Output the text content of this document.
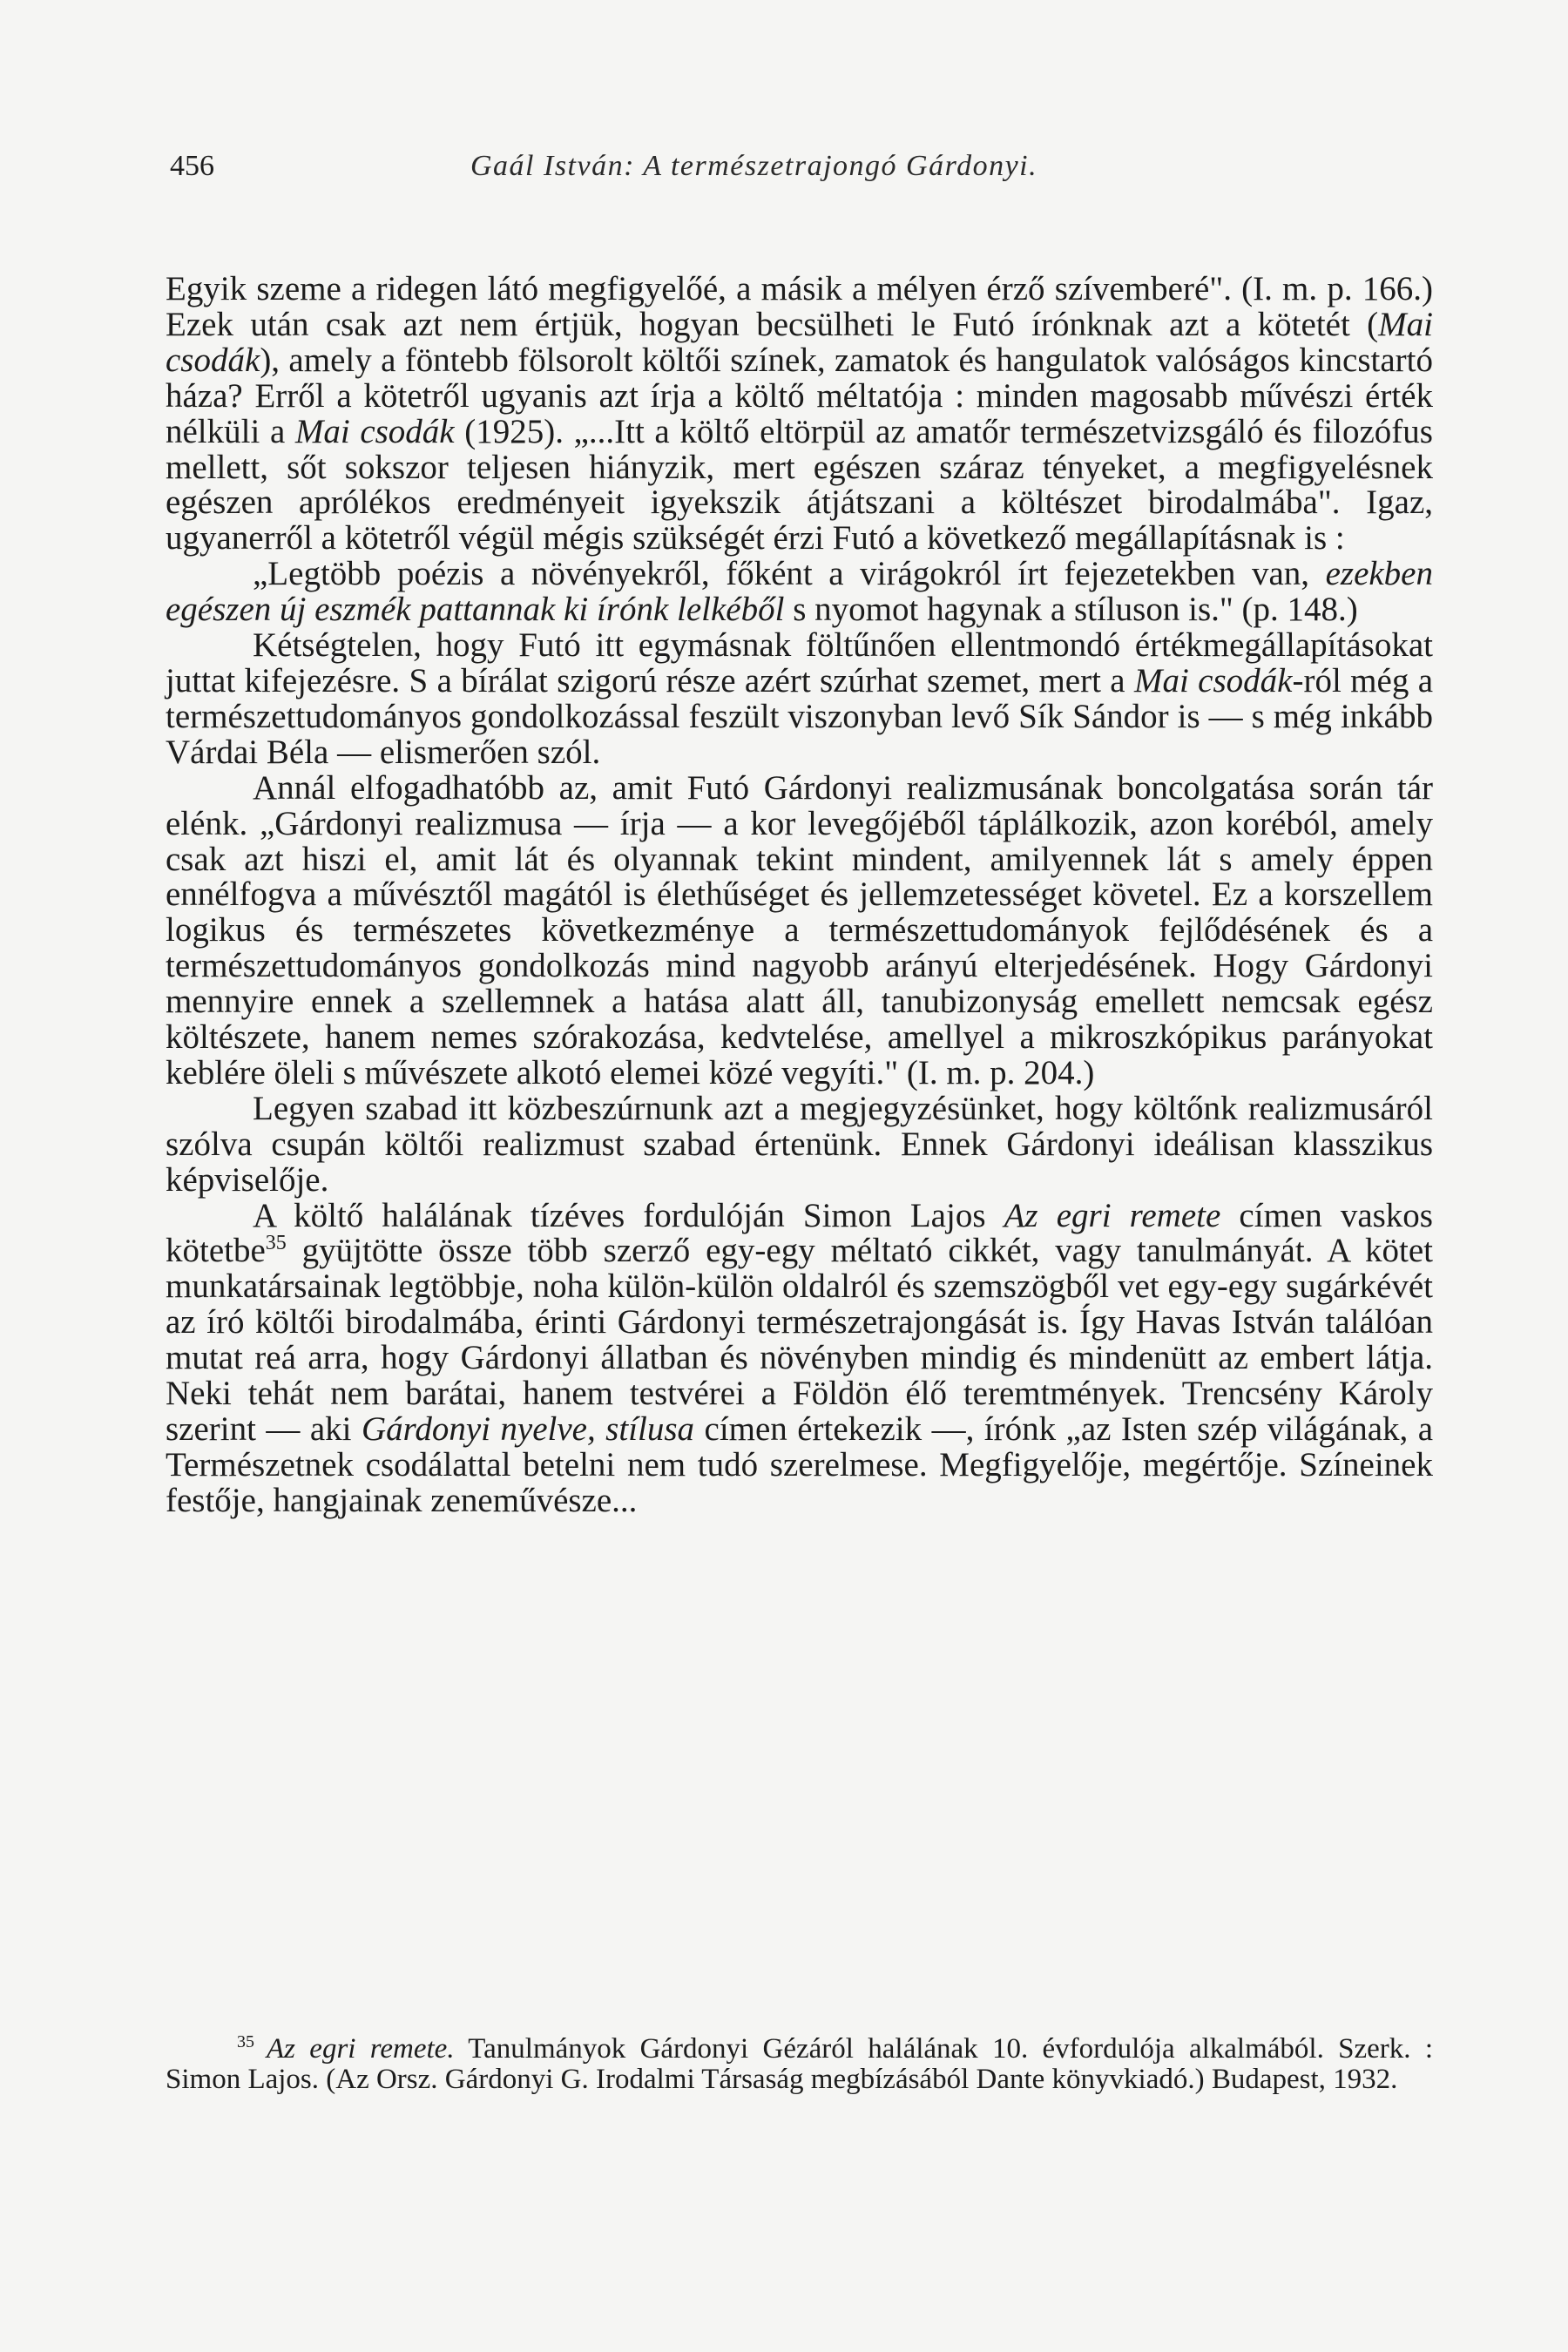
456	Gaál István: A természetrajongó Gárdonyi.

Egyik szeme a ridegen látó megfigyelőé, a másik a mélyen érző szívemberé". (I. m. p. 166.) Ezek után csak azt nem értjük, hogyan becsülheti le Futó írónknak azt a kötetét (Mai csodák), amely a föntebb fölsorolt költői színek, zamatok és hangulatok valóságos kincstartó háza? Erről a kötetről ugyanis azt írja a költő méltatója : minden magosabb művészi érték nélküli a Mai csodák (1925). „...Itt a költő eltörpül az amatőr természetvizsgáló és filozófus mellett, sőt sokszor teljesen hiányzik, mert egészen száraz tényeket, a megfigyelésnek egészen aprólékos eredményeit igyekszik átjátszani a költészet birodalmába". Igaz, ugyanerről a kötetről végül mégis szükségét érzi Futó a következő megállapításnak is :

„Legtöbb poézis a növényekről, főként a virágokról írt fejezetekben van, ezekben egészen új eszmék pattannak ki írónk lelkéből s nyomot hagynak a stíluson is." (p. 148.)

Kétségtelen, hogy Futó itt egymásnak föltűnően ellentmondó értékmegállapításokat juttat kifejezésre. S a bírálat szigorú része azért szúrhat szemet, mert a Mai csodák-ról még a természettudományos gondolkozással feszült viszonyban levő Sík Sándor is — s még inkább Várdai Béla — elismerően szól.

Annál elfogadhatóbb az, amit Futó Gárdonyi realizmusának boncolgatása során tár elénk. „Gárdonyi realizmusa — írja — a kor levegőjéből táplálkozik, azon koréból, amely csak azt hiszi el, amit lát és olyannak tekint mindent, amilyennek lát s amely éppen ennélfogva a művésztől magától is élethűséget és jellemzetességet követel. Ez a korszellem logikus és természetes következménye a természettudományok fejlődésének és a természettudományos gondolkozás mind nagyobb arányú elterjedésének. Hogy Gárdonyi mennyire ennek a szellemnek a hatása alatt áll, tanubizonyság emellett nemcsak egész költészete, hanem nemes szórakozása, kedvtelése, amellyel a mikroszkópikus parányokat keblére öleli s művészete alkotó elemei közé vegyíti." (I. m. p. 204.)

Legyen szabad itt közbeszúrnunk azt a megjegyzésünket, hogy költőnk realizmusáról szólva csupán költői realizmust szabad értenünk. Ennek Gárdonyi ideálisan klasszikus képviselője.

A költő halálának tízéves fordulóján Simon Lajos Az egri remete címen vaskos kötetbe$^{35}$ gyüjtötte össze több szerző egy-egy méltató cikkét, vagy tanulmányát. A kötet munkatársainak legtöbbje, noha külön-külön oldalról és szemszögből vet egy-egy sugárkévét az író költői birodalmába, érinti Gárdonyi természetrajongását is. Így Havas István találóan mutat reá arra, hogy Gárdonyi állatban és növényben mindig és mindenütt az embert látja. Neki tehát nem barátai, hanem testvérei a Földön élő teremtmények. Trencsény Károly szerint — aki Gárdonyi nyelve, stílusa címen értekezik —, írónk „az Isten szép világának, a Természetnek csodálattal betelni nem tudó szerelmese. Megfigyelője, megértője. Színeinek festője, hangjainak zeneművésze...

$^{35}$ Az egri remete. Tanulmányok Gárdonyi Gézáról halálának 10. évfordulója alkalmából. Szerk. : Simon Lajos. (Az Orsz. Gárdonyi G. Irodalmi Társaság megbízásából Dante könyvkiadó.) Budapest, 1932.
